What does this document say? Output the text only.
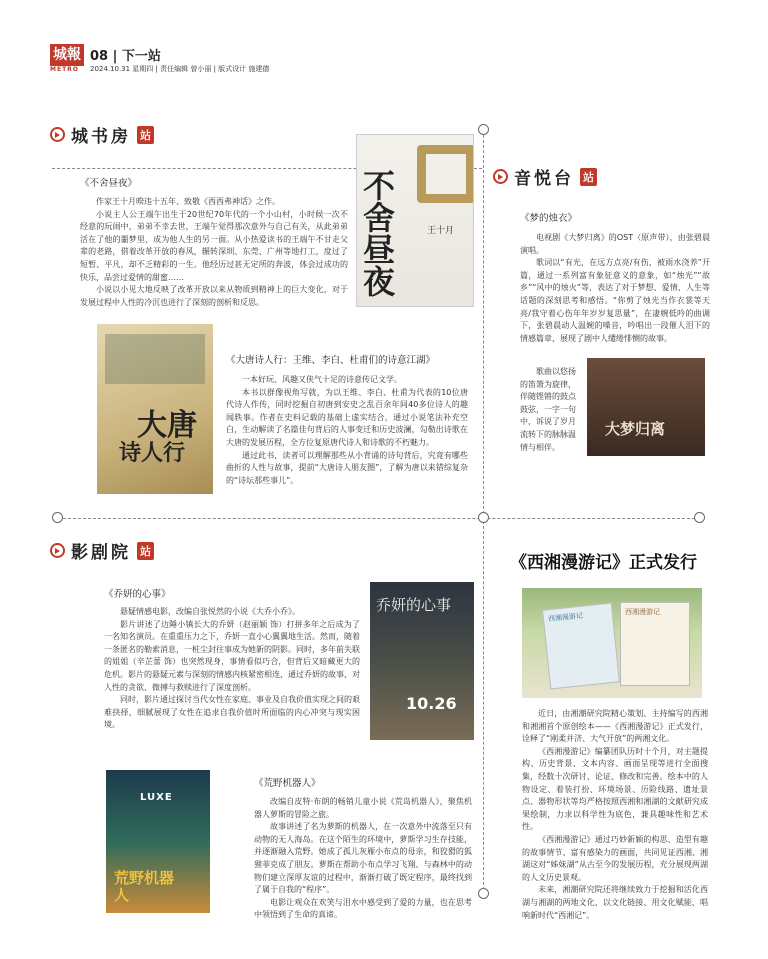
城報
METRO
08 | 下一站
2024.10.31 星期四 | 责任编辑 曾小丽 | 版式设计 施建德
城书房 站
《不舍昼夜》

作家王十月暌违十五年、致敬《西西弗神话》之作。

小说主人公王端午出生于20世纪70年代的一个小山村，小时候一次不经意的玩闹中，弟弟不幸去世，王端午觉得那次意外与自己有关，从此弟弟活在了他的噩梦里，成为他人生的另一面。从小热爱读书的王端午不甘走父辈的老路，借着改革开放的春风，辗转深圳、东莞、广州等地打工，度过了短暂、平凡，却不乏精彩的一生。他经历过甚无定所的奔波，体会过成功的快乐，品尝过爱情的甜蜜……

小说以小见大地反映了改革开放以来从物质到精神上的巨大变化，对于发展过程中人性的冷沉也进行了深刻的剖析和反思。

不
舍
昼
夜
王十月
大唐
诗人行
《大唐诗人行：王维、李白、杜甫们的诗意江湖》

一本好玩、风趣又侠气十足的诗意传记文学。

本书以群像视角写就，为以王维、李白、杜甫为代表的10位唐代诗人作传，同时挖掘自初唐到安史之乱百余年间40多位诗人的趣闻轶事。作者在史料记载的基础上虚实结合，通过小说笔法补充空白，生动解读了名篇佳句背后的人事变迁和历史波澜，勾勒出诗歌在大唐的发展历程，全方位复原唐代诗人和诗歌的不朽魅力。

通过此书，读者可以理解那些从小背诵的诗句背后，究竟有哪些曲折的人性与故事，提前“大唐诗人朋友圈”，了解为唐以来错综复杂的“诗坛那些事儿”。

音悦台 站
《梦的烛衣》

电视剧《大梦归离》的OST（原声带），由张碧晨演唱。

歌词以“有光，在远方点亮/有伤，被雨水浇养”开篇，通过一系列富有象征意义的意象，如“烛光”“故乡”“风中的烛火”等，表达了对于梦想、爱情、人生等话题的深刻思考和感悟。“你剪了烛光当作衣裳等天亮/我守着心伤年年岁岁复思量”，在凄婉低吟的曲调下，张碧晨动人温婉的嗓音，吟唱出一段催人泪下的情感篇章，展现了剧中人缱绻悱恻的故事。

歌曲以悠扬的笛箫为旋律，伴随铿锵的鼓点鼓弦，一字一句中，诉说了岁月流转下的脉脉温情与相伴。

大梦归离
影剧院 站
《乔妍的心事》

悬疑情感电影，改编自张悦然的小说《大乔小乔》。

影片讲述了边陲小镇长大的乔妍（赵丽颖 饰）打拼多年之后成为了一名知名演员。在重重压力之下，乔妍一直小心翼翼地生活。然而，随着一条匿名的勒索消息，一桩尘封往事成为她新的阴影。同时，多年前失联的姐姐（辛芷蕾 饰）也突然现身，事情看似巧合，但背后又暗藏更大的危机。影片的悬疑元素与深刻的情感内核紧密相连，通过乔妍的故事，对人性的贪欲、微搏与救赎进行了深度剖析。

同时，影片通过探讨当代女性在家庭、事业及自我价值实现之间的艰难抉择，细腻展现了女性在追求自我价值时所面临的内心冲突与现实困境。

乔妍的心事
10.26
LUXE
荒野机器人
《荒野机器人》

改编自皮特·布朗的畅销儿童小说《荒岛机器人》，聚焦机器人萝斯的冒险之旅。

故事讲述了名为萝斯的机器人，在一次意外中流落至只有动物的无人海岛。在这个陌生的环境中，萝斯学习生存技能，并逐渐融入荒野。她成了孤儿灰雁小布点的母亲，和狡猾的狐狸菲克成了朋友。萝斯在帮助小布点学习飞翔、与森林中的动物们建立深厚友谊的过程中，渐渐打破了既定程序，最终找到了属于自我的“程序”。

电影让观众在欢笑与泪水中感受到了爱的力量，也在思考中领悟到了生命的真谛。

《西湘漫游记》正式发行
西湘漫游记	西湘漫游记

近日，由湘潮研究院精心策划、主持编写的西湘和湘湘首个原创绘本——《西湘漫游记》正式发行，诠释了“刚柔并济、大气开放”的两湘文化。

《西湘漫游记》编纂团队历时十个月，对主题提构、历史背景、文本内容、画面呈现等进行全面搜集，经数十次研讨、论证、修改和完善。绘本中的人物设定、着装打扮、环境场景、历险线路、遗址景点、器物形状等均严格按照西湘和湘湖的文献研究成果绘制，力求以科学性为底色，兼具趣味性和艺术性。

《西湘漫游记》通过巧妙新颖的构思、造型有趣的故事情节、富有感染力的画面，共同见证西湘、湘湖这对“姊妹湖”从古至今的发展历程，充分展现两湖的人文历史景观。

未来，湘潮研究院还将继续致力于挖掘和活化西湖与湘湖的两地文化，以文化链接、用文化赋能，唱响新时代“西湘记”。
